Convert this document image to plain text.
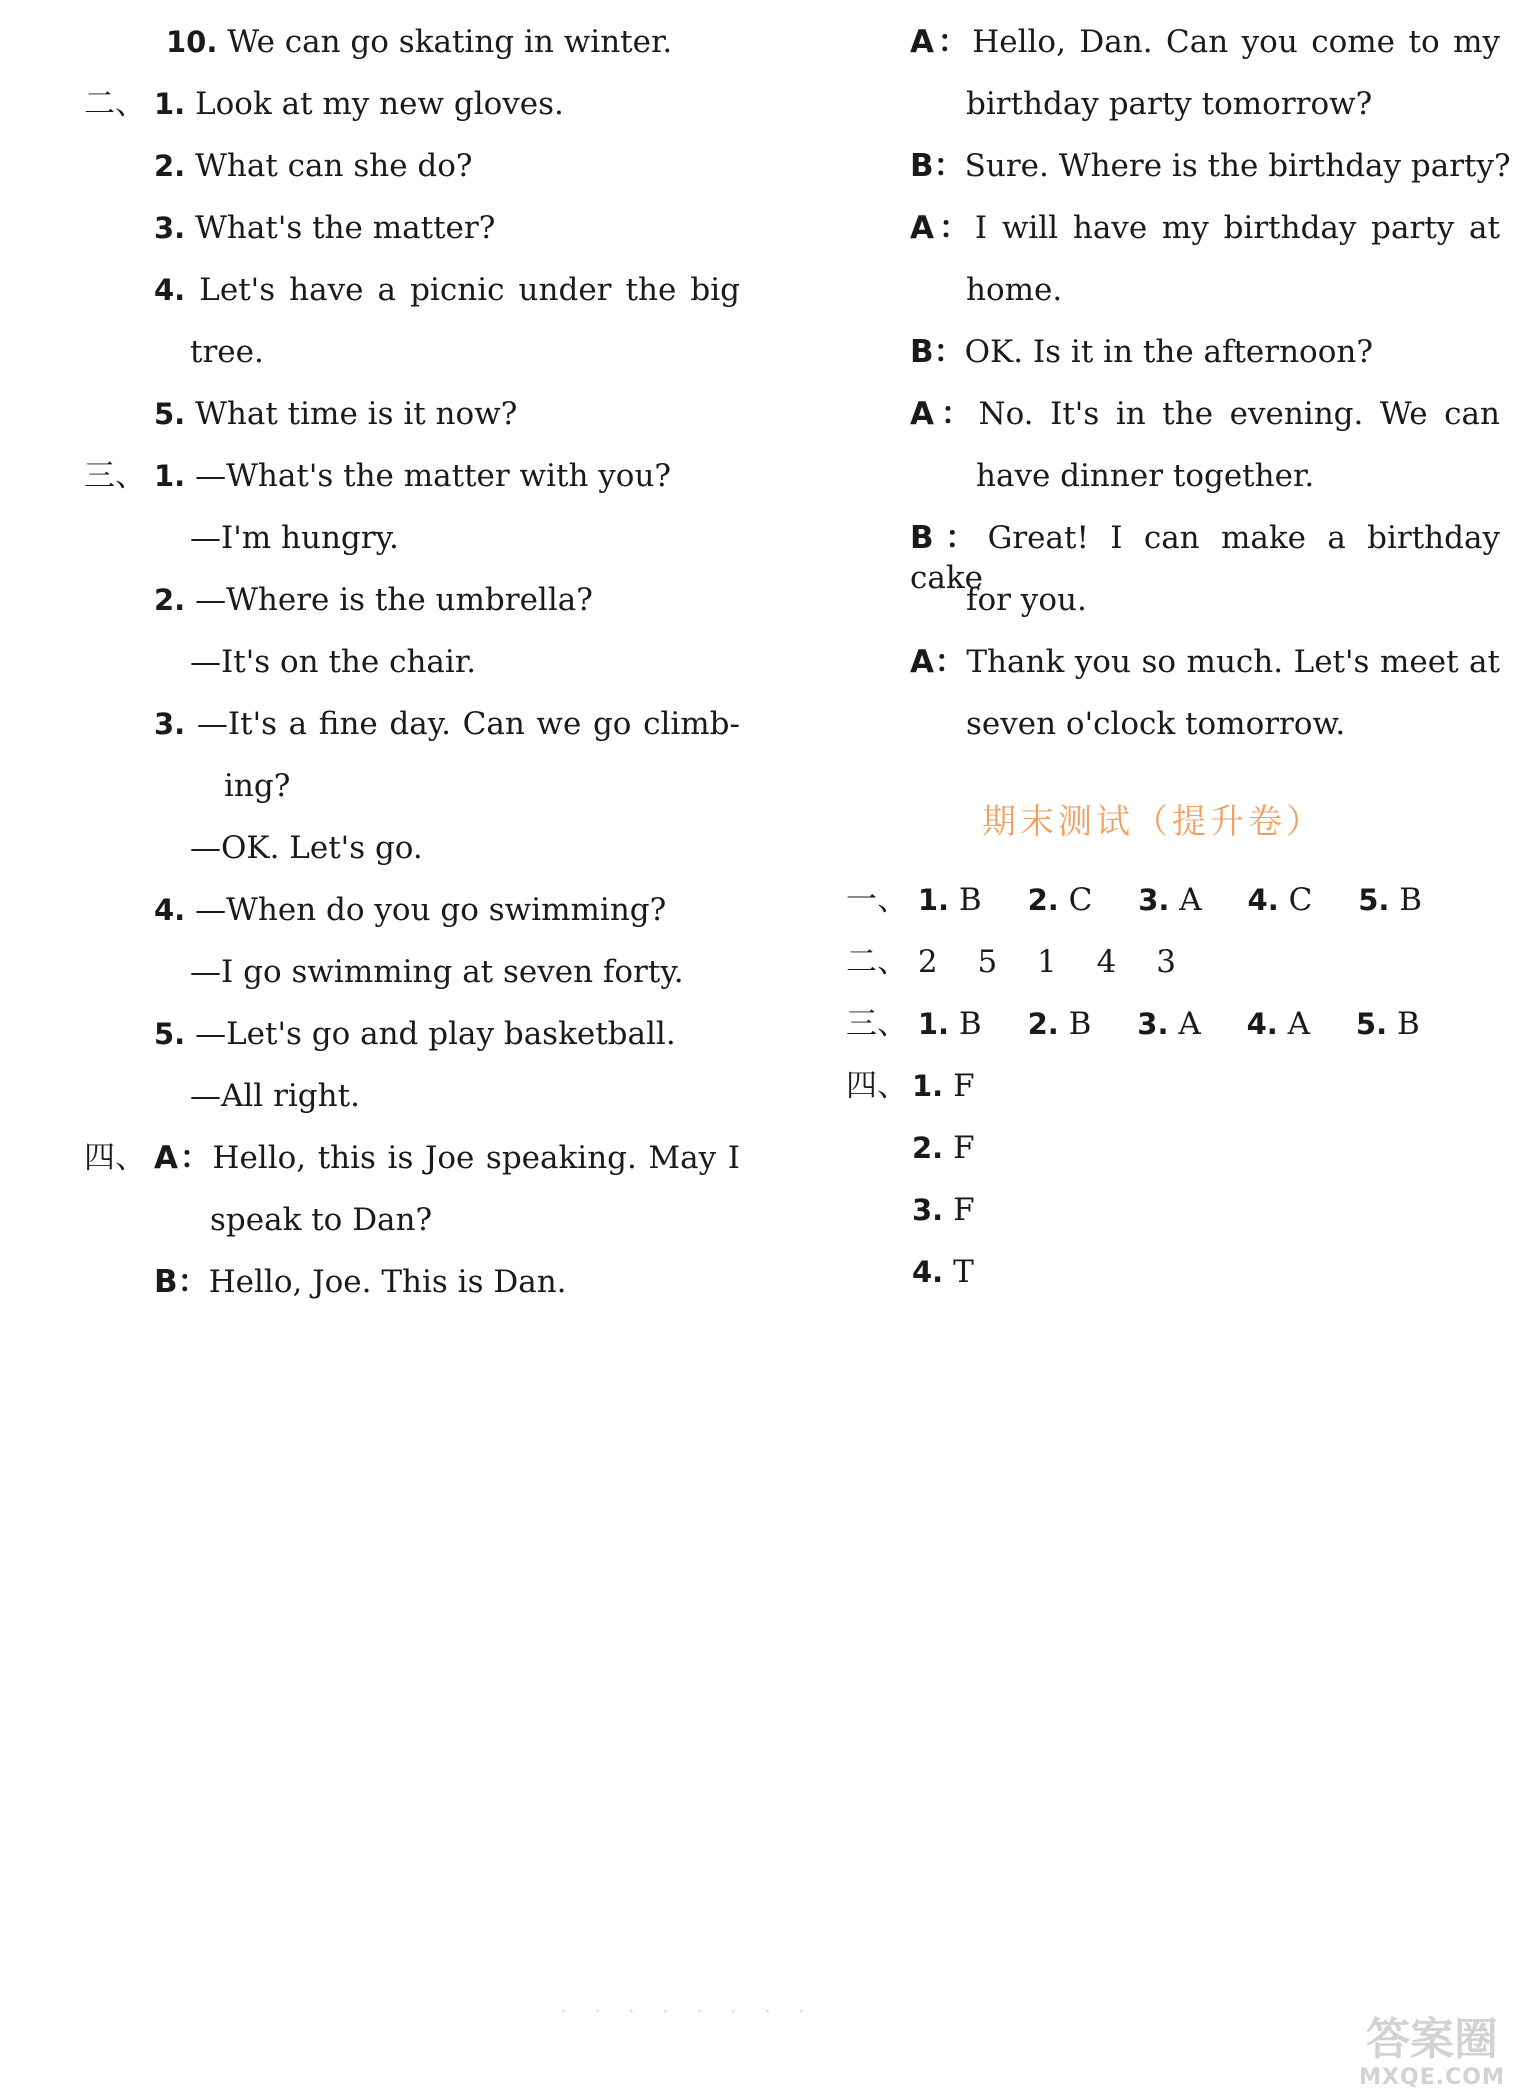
10. We can go skating in winter.
二、 1. Look at my new gloves.
2. What can she do?
3. What's the matter?
4. Let's have a picnic under the big
tree.
5. What time is it now?
三、 1. —What's the matter with you?
—I'm hungry.
2. —Where is the umbrella?
—It's on the chair.
3. —It's a fine day. Can we go climb-
ing?
—OK. Let's go.
4. —When do you go swimming?
—I go swimming at seven forty.
5. —Let's go and play basketball.
—All right.
四、 A：Hello, this is Joe speaking. May I
speak to Dan?
B：Hello, Joe. This is Dan.
A：Hello, Dan. Can you come to my
birthday party tomorrow?
B：Sure. Where is the birthday party?
A：I will have my birthday party at
home.
B：OK. Is it in the afternoon?
A：No. It's in the evening. We can
have dinner together.
B：Great! I can make a birthday cake
for you.
A：Thank you so much. Let's meet at
seven o'clock tomorrow.
期末测试（提升卷）
一、 1. B 2. C 3. A 4. C 5. B
二、 2 5 1 4 3
三、 1. B 2. B 3. A 4. A 5. B
四、 1. F
2. F
3. F
4. T
· · · · · · · ·
答案圈
MXQE.COM
